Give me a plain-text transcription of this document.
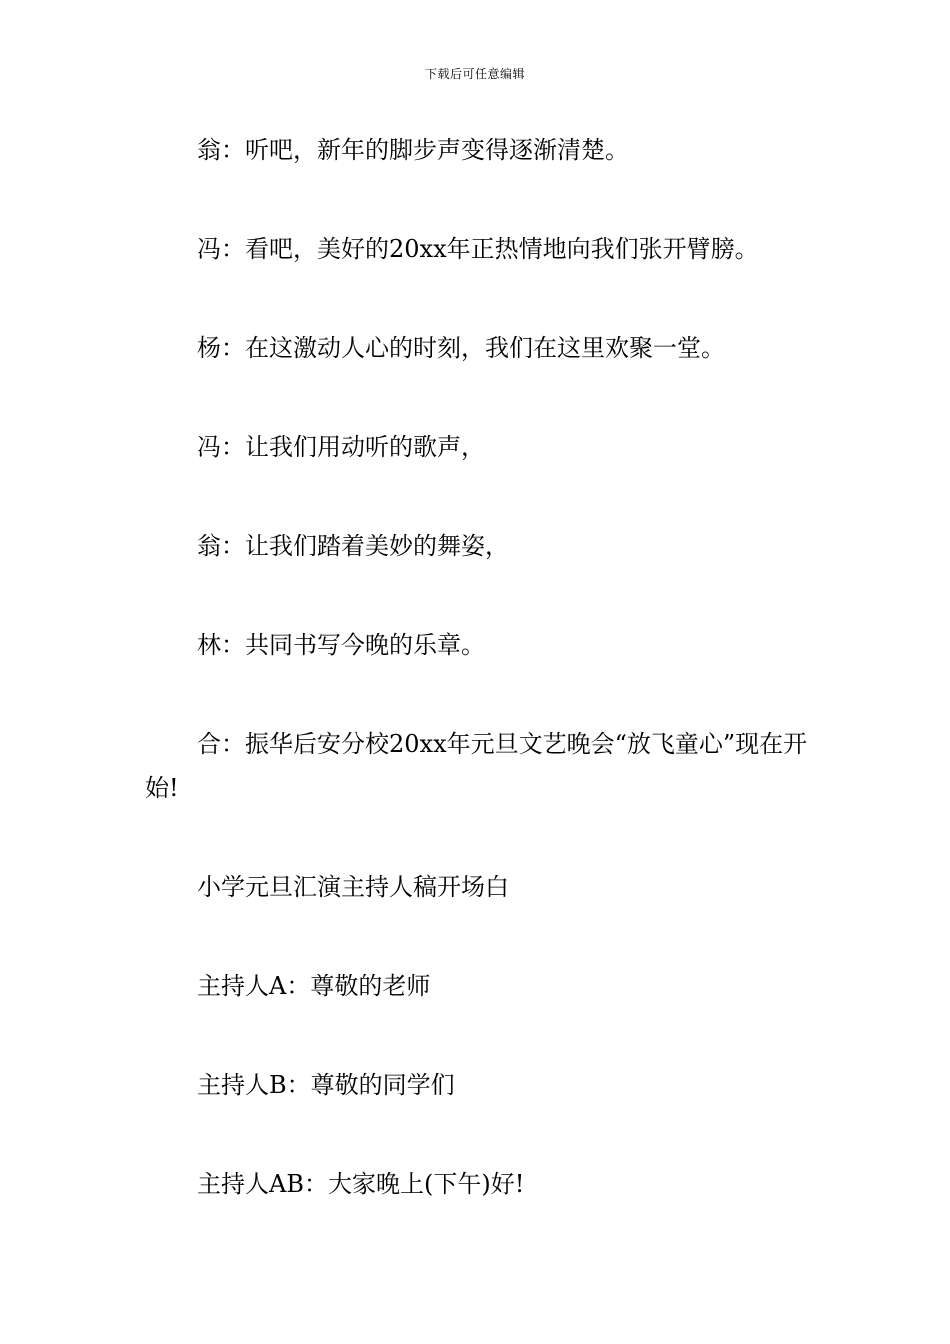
下载后可任意编辑

翁：听吧，新年的脚步声变得逐渐清楚。

冯：看吧，美好的20xx年正热情地向我们张开臂膀。

杨：在这激动人心的时刻，我们在这里欢聚一堂。

冯：让我们用动听的歌声，

翁：让我们踏着美妙的舞姿，

林：共同书写今晚的乐章。

合：振华后安分校20xx年元旦文艺晚会“放飞童心”现在开始!

小学元旦汇演主持人稿开场白

主持人A：尊敬的老师

主持人B：尊敬的同学们

主持人AB：大家晚上(下午)好!
